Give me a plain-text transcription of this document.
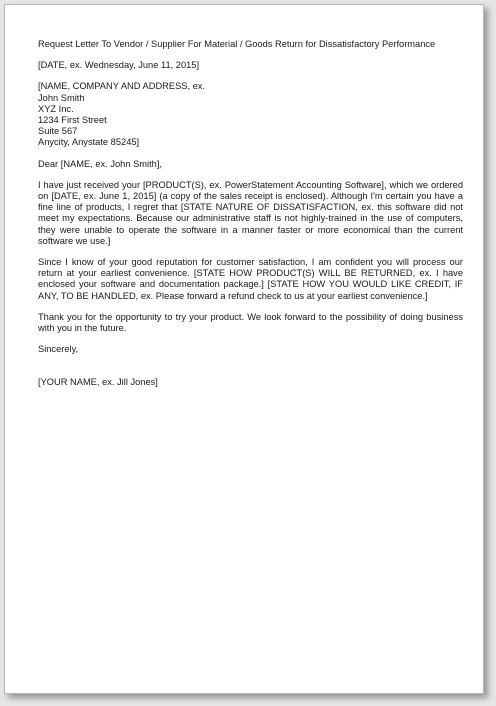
Request Letter To Vendor / Supplier For Material / Goods Return for Dissatisfactory Performance
[DATE, ex. Wednesday, June 11, 2015]
[NAME, COMPANY AND ADDRESS, ex.
John Smith
XYZ Inc.
1234 First Street
Suite 567
Anycity, Anystate 85245]
Dear [NAME, ex. John Smith],

I have just received your [PRODUCT(S), ex. PowerStatement Accounting Software], which we ordered on [DATE, ex. June 1, 2015] (a copy of the sales receipt is enclosed). Although I'm certain you have a fine line of products, I regret that [STATE NATURE OF DISSATISFACTION, ex. this software did not meet my expectations. Because our administrative staff is not highly-trained in the use of computers, they were unable to operate the software in a manner faster or more economical than the current software we use.]

Since I know of your good reputation for customer satisfaction, I am confident you will process our return at your earliest convenience. [STATE HOW PRODUCT(S) WILL BE RETURNED, ex. I have enclosed your software and documentation package.] [STATE HOW YOU WOULD LIKE CREDIT, IF ANY, TO BE HANDLED, ex. Please forward a refund check to us at your earliest convenience.]

Thank you for the opportunity to try your product. We look forward to the possibility of doing business with you in the future.

Sincerely,
[YOUR NAME, ex. Jill Jones]
